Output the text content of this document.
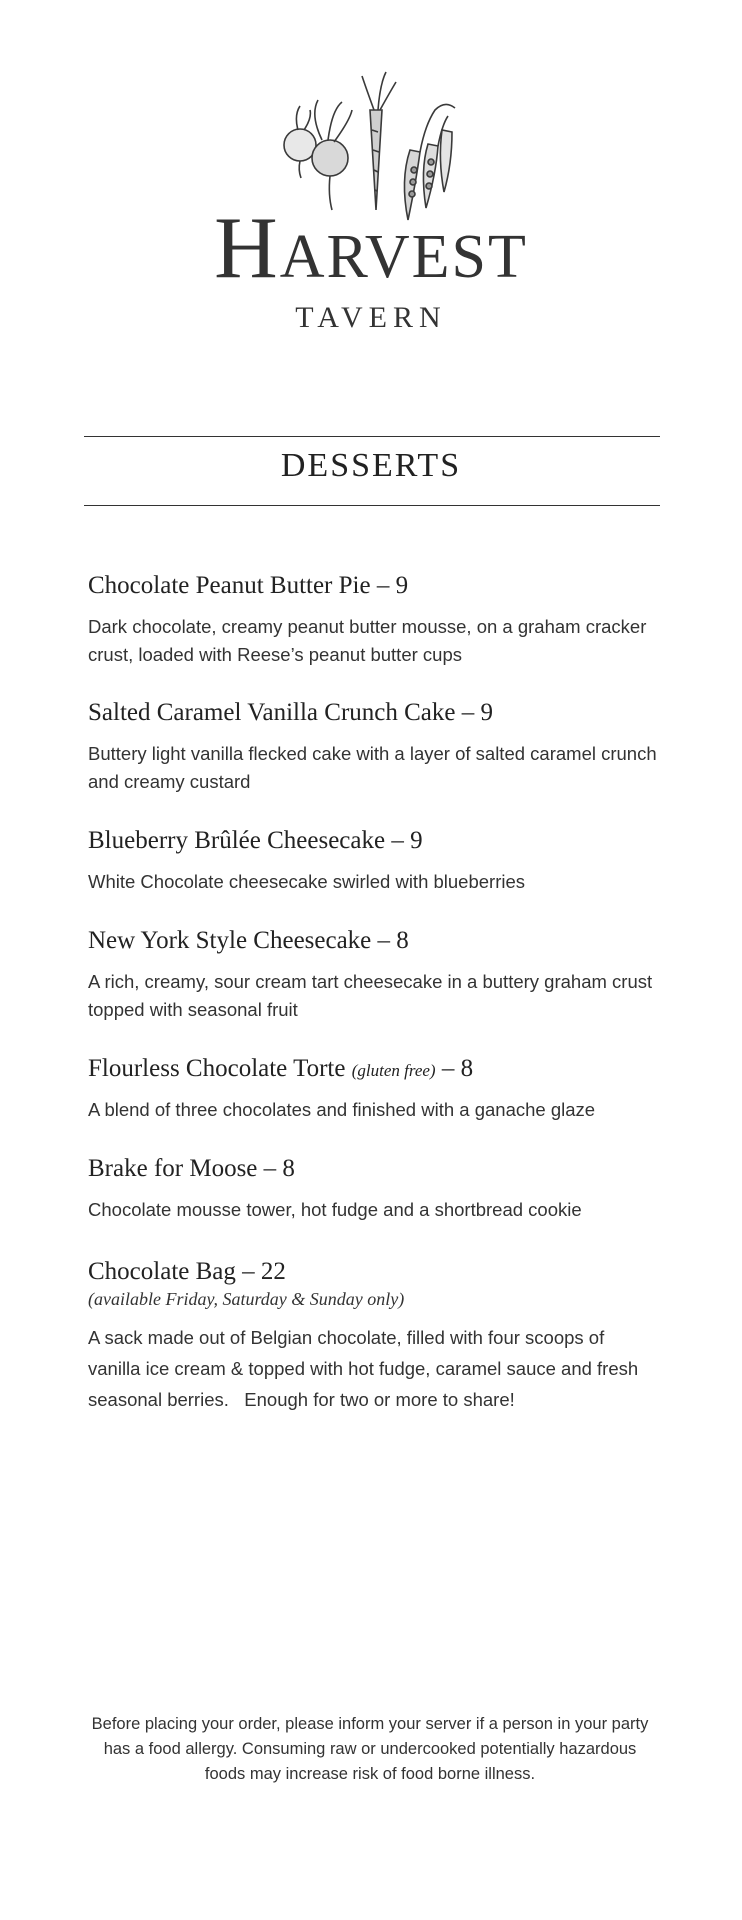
Harvest
TAVERN
DESSERTS
Chocolate Peanut Butter Pie – 9
Dark chocolate, creamy peanut butter mousse, on a graham cracker crust, loaded with Reese’s peanut butter cups
Salted Caramel Vanilla Crunch Cake – 9
Buttery light vanilla flecked cake with a layer of salted caramel crunch and creamy custard
Blueberry Brûlée Cheesecake – 9
White Chocolate cheesecake swirled with blueberries
New York Style Cheesecake – 8
A rich, creamy, sour cream tart cheesecake in a buttery graham crust topped with seasonal fruit
Flourless Chocolate Torte (gluten free) – 8
A blend of three chocolates and finished with a ganache glaze
Brake for Moose – 8
Chocolate mousse tower, hot fudge and a shortbread cookie
Chocolate Bag – 22
(available Friday, Saturday & Sunday only)
A sack made out of Belgian chocolate, filled with four scoops of vanilla ice cream & topped with hot fudge, caramel sauce and fresh seasonal berries.   Enough for two or more to share!
Before placing your order, please inform your server if a person in your party has a food allergy. Consuming raw or undercooked potentially hazardous foods may increase risk of food borne illness.
